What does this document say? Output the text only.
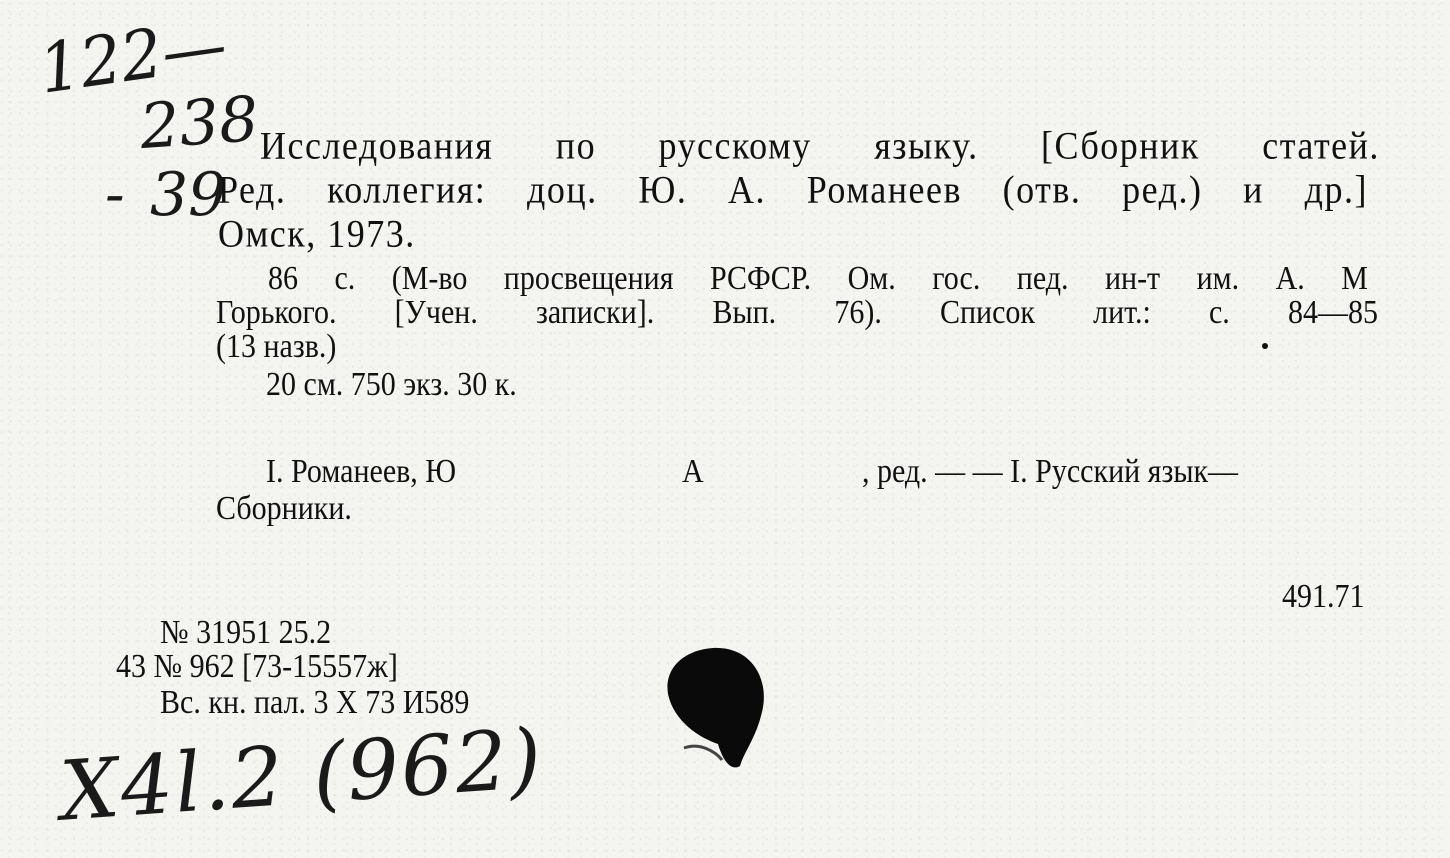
122—
238
- 39
Исследования по русскому языку. [Сборник статей.
Ред. коллегия: доц. Ю. А. Романеев (отв. ред.) и др.]
Омск, 1973.
86 с. (М-во просвещения РСФСР. Ом. гос. пед. ин-т им. А. М
Горького. [Учен. записки]. Вып. 76). Список лит.: с. 84—85
(13 назв.)
20 см. 750 экз. 30 к.
I. Романеев, Ю	А	, ред. — — I. Русский язык—
Сборники.
491.71
№ 31951 25.2
43 № 962 [73-15557ж]
Вс. кн. пал. 3 X 73 И589
X4l.2 (962)
